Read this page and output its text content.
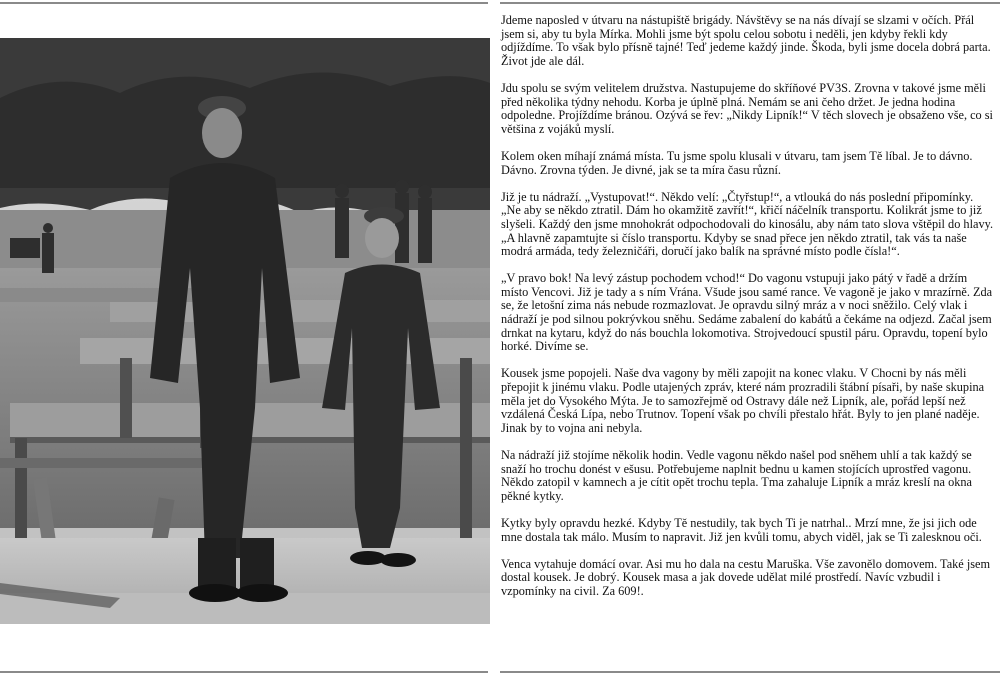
Jdeme naposled v útvaru na nástupiště brigády. Návštěvy se na nás dívají se slzami v očích. Přál jsem si, aby tu byla Mírka. Mohli jsme být spolu celou sobotu i neděli, jen kdyby řekli kdy odjíždíme. To však bylo přísně tajné! Teď jedeme každý jinde. Škoda, byli jsme docela dobrá parta. Život jde ale dál.

Jdu spolu se svým velitelem družstva. Nastupujeme do skříňové PV3S. Zrovna v takové jsme měli před několika týdny nehodu. Korba je úplně plná. Nemám se ani čeho držet. Je jedna hodina odpoledne. Projíždíme bránou. Ozývá se řev: „Nikdy Lipník!“ V těch slovech je obsaženo vše, co si většina z vojáků myslí.

Kolem oken míhají známá místa. Tu jsme spolu klusali v útvaru, tam jsem Tě líbal. Je to dávno. Dávno. Zrovna týden. Je divné, jak se ta míra času různí.

Již je tu nádraží. „Vystupovat!“. Někdo velí: „Čtyřstup!“, a vtlouká do nás poslední připomínky. „Ne aby se někdo ztratil. Dám ho okamžitě zavřít!“, křičí náčelník transportu. Kolikrát jsme to již slyšeli. Každý den jsme mnohokrát odpochodovali do kinosálu, aby nám tato slova vštěpil do hlavy. „A hlavně zapamtujte si číslo transportu. Kdyby se snad přece jen někdo ztratil, tak vás ta naše modrá armáda, tedy železničáři, doručí jako balík na správné místo podle čísla!“.

„V pravo bok! Na levý zástup pochodem vchod!“ Do vagonu vstupuji jako pátý v řadě a držím místo Vencovi. Již je tady a s ním Vrána. Všude jsou samé rance. Ve vagoně je jako v mrazírně. Zda se, že letošní zima nás nebude rozmazlovat. Je opravdu silný mráz a v noci sněžilo. Celý vlak i nádraží je pod silnou pokrývkou sněhu. Sedáme zabalení do kabátů a čekáme na odjezd. Začal jsem drnkat na kytaru, když do nás bouchla lokomotiva. Strojvedoucí spustil páru. Opravdu, topení bylo horké. Divíme se.

Kousek jsme popojeli. Naše dva vagony by měli zapojit na konec vlaku. V Chocni by nás měli přepojit k jinému vlaku. Podle utajených zpráv, které nám prozradili štábní písaři, by naše skupina měla jet do Vysokého Mýta. Je to samozřejmě od Ostravy dále než Lipník, ale, pořád lepší než vzdálená Česká Lípa, nebo Trutnov. Topení však po chvíli přestalo hřát. Byly to jen plané naděje. Jinak by to vojna ani nebyla.

Na nádraží již stojíme několik hodin. Vedle vagonu někdo našel pod sněhem uhlí a tak každý se snaží ho trochu donést v ešusu. Potřebujeme naplnit bednu u kamen stojících uprostřed vagonu. Někdo zatopil v kamnech a je cítit opět trochu tepla. Tma zahaluje Lipník a mráz kreslí na okna pěkné kytky.

Kytky byly opravdu hezké. Kdyby Tě nestudily, tak bych Ti je natrhal.. Mrzí mne, že jsi jich ode mne dostala tak málo. Musím to napravit. Již jen kvůli tomu, abych viděl, jak se Ti zalesknou oči.

Venca vytahuje domácí ovar. Asi mu ho dala na cestu Maruška. Vše zavonělo domovem. Také jsem dostal kousek. Je dobrý. Kousek masa a jak dovede udělat milé prostředí. Navíc vzbudil i vzpomínky na civil. Za 609!.
